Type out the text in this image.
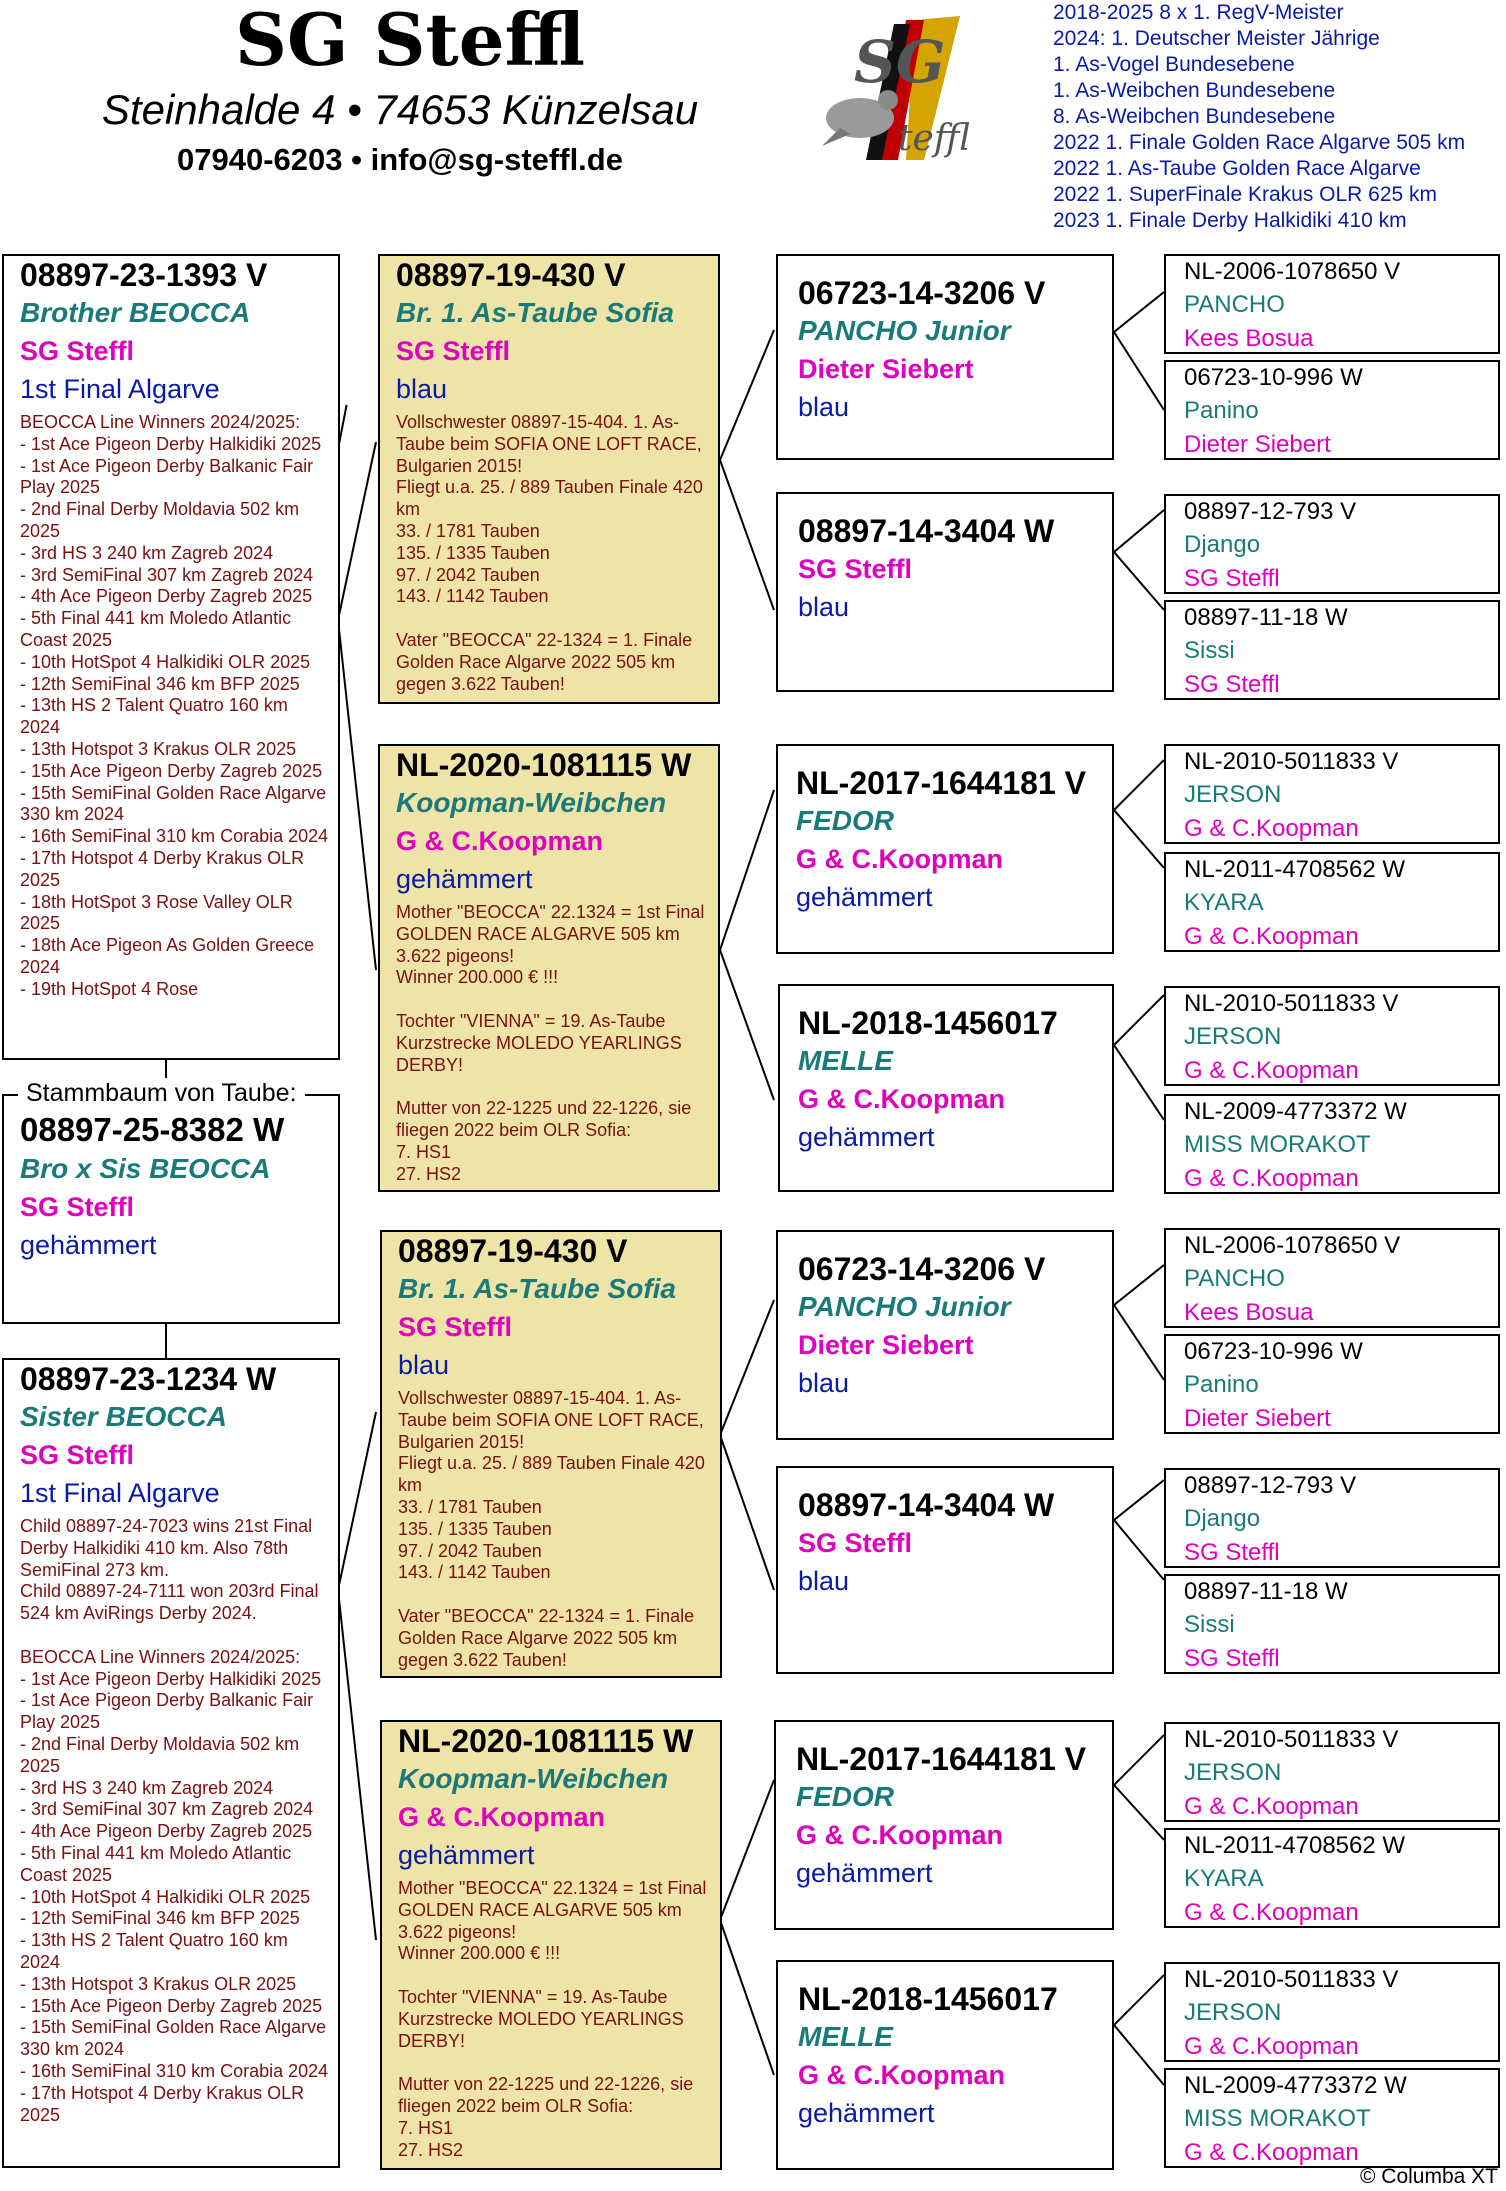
SG Steffl
Steinhalde 4 • 74653 Künzelsau
07940-6203 • info@sg-steffl.de
SG
teffl
2018-2025 8 x 1. RegV-Meister
2024: 1. Deutscher Meister Jährige
1. As-Vogel Bundesebene
1. As-Weibchen Bundesebene
8. As-Weibchen Bundesebene
2022 1. Finale Golden Race Algarve 505 km
2022 1. As-Taube Golden Race Algarve
2022 1. SuperFinale Krakus OLR 625 km
2023 1. Finale Derby Halkidiki 410 km
08897-23-1393 V
Brother BEOCCA
SG Steffl
1st Final Algarve
BEOCCA Line Winners 2024/2025:
- 1st Ace Pigeon Derby Halkidiki 2025
- 1st Ace Pigeon Derby Balkanic Fair Play 2025
- 2nd Final Derby Moldavia 502 km 2025
- 3rd HS 3 240 km Zagreb 2024
- 3rd SemiFinal 307 km Zagreb 2024
- 4th Ace Pigeon Derby Zagreb 2025
- 5th Final 441 km Moledo Atlantic Coast 2025
- 10th HotSpot 4 Halkidiki OLR 2025
- 12th SemiFinal 346 km BFP 2025
- 13th HS 2 Talent Quatro 160 km 2024
- 13th Hotspot 3 Krakus OLR 2025
- 15th Ace Pigeon Derby Zagreb 2025
- 15th SemiFinal Golden Race Algarve 330 km 2024
- 16th SemiFinal 310 km Corabia 2024
- 17th Hotspot 4 Derby Krakus OLR 2025
- 18th HotSpot 3 Rose Valley OLR 2025
- 18th Ace Pigeon As Golden Greece 2024
- 19th HotSpot 4 Rose
08897-25-8382 W
Bro x Sis BEOCCA
SG Steffl
gehämmert
Stammbaum von Taube:
08897-23-1234 W
Sister BEOCCA
SG Steffl
1st Final Algarve
Child 08897-24-7023 wins 21st Final Derby Halkidiki 410 km. Also 78th SemiFinal 273 km.
Child 08897-24-7111 won 203rd Final 524 km AviRings Derby 2024.

BEOCCA Line Winners 2024/2025:
- 1st Ace Pigeon Derby Halkidiki 2025
- 1st Ace Pigeon Derby Balkanic Fair Play 2025
- 2nd Final Derby Moldavia 502 km 2025
- 3rd HS 3 240 km Zagreb 2024
- 3rd SemiFinal 307 km Zagreb 2024
- 4th Ace Pigeon Derby Zagreb 2025
- 5th Final 441 km Moledo Atlantic Coast 2025
- 10th HotSpot 4 Halkidiki OLR 2025
- 12th SemiFinal 346 km BFP 2025
- 13th HS 2 Talent Quatro 160 km 2024
- 13th Hotspot 3 Krakus OLR 2025
- 15th Ace Pigeon Derby Zagreb 2025
- 15th SemiFinal Golden Race Algarve 330 km 2024
- 16th SemiFinal 310 km Corabia 2024
- 17th Hotspot 4 Derby Krakus OLR 2025
08897-19-430 V
Br. 1. As-Taube Sofia
SG Steffl
blau
Vollschwester 08897-15-404. 1. As-Taube beim SOFIA ONE LOFT RACE, Bulgarien 2015!
Fliegt u.a. 25. / 889 Tauben Finale 420 km
33. / 1781 Tauben
135. / 1335 Tauben
97. / 2042 Tauben
143. / 1142 Tauben

Vater "BEOCCA" 22-1324 = 1. Finale Golden Race Algarve 2022 505 km gegen 3.622 Tauben!
NL-2020-1081115 W
Koopman-Weibchen
G & C.Koopman
gehämmert
Mother "BEOCCA" 22.1324 = 1st Final GOLDEN RACE ALGARVE 505 km 3.622 pigeons!
Winner 200.000 € !!!

Tochter "VIENNA" = 19. As-Taube Kurzstrecke MOLEDO YEARLINGS DERBY!

Mutter von 22-1225 und 22-1226, sie fliegen 2022 beim OLR Sofia:
7. HS1
27. HS2
08897-19-430 V
Br. 1. As-Taube Sofia
SG Steffl
blau
Vollschwester 08897-15-404. 1. As-Taube beim SOFIA ONE LOFT RACE, Bulgarien 2015!
Fliegt u.a. 25. / 889 Tauben Finale 420 km
33. / 1781 Tauben
135. / 1335 Tauben
97. / 2042 Tauben
143. / 1142 Tauben

Vater "BEOCCA" 22-1324 = 1. Finale Golden Race Algarve 2022 505 km gegen 3.622 Tauben!
NL-2020-1081115 W
Koopman-Weibchen
G & C.Koopman
gehämmert
Mother "BEOCCA" 22.1324 = 1st Final GOLDEN RACE ALGARVE 505 km 3.622 pigeons!
Winner 200.000 € !!!

Tochter "VIENNA" = 19. As-Taube Kurzstrecke MOLEDO YEARLINGS DERBY!

Mutter von 22-1225 und 22-1226, sie fliegen 2022 beim OLR Sofia:
7. HS1
27. HS2
06723-14-3206 V
PANCHO Junior
Dieter Siebert
blau
08897-14-3404 W
SG Steffl
blau
NL-2017-1644181 V
FEDOR
G & C.Koopman
gehämmert
NL-2018-1456017
MELLE
G & C.Koopman
gehämmert
06723-14-3206 V
PANCHO Junior
Dieter Siebert
blau
08897-14-3404 W
SG Steffl
blau
NL-2017-1644181 V
FEDOR
G & C.Koopman
gehämmert
NL-2018-1456017
MELLE
G & C.Koopman
gehämmert
NL-2006-1078650 V
PANCHO
Kees Bosua
06723-10-996 W
Panino
Dieter Siebert
08897-12-793 V
Django
SG Steffl
08897-11-18 W
Sissi
SG Steffl
NL-2010-5011833 V
JERSON
G & C.Koopman
NL-2011-4708562 W
KYARA
G & C.Koopman
NL-2010-5011833 V
JERSON
G & C.Koopman
NL-2009-4773372 W
MISS MORAKOT
G & C.Koopman
NL-2006-1078650 V
PANCHO
Kees Bosua
06723-10-996 W
Panino
Dieter Siebert
08897-12-793 V
Django
SG Steffl
08897-11-18 W
Sissi
SG Steffl
NL-2010-5011833 V
JERSON
G & C.Koopman
NL-2011-4708562 W
KYARA
G & C.Koopman
NL-2010-5011833 V
JERSON
G & C.Koopman
NL-2009-4773372 W
MISS MORAKOT
G & C.Koopman
© Columba XT
